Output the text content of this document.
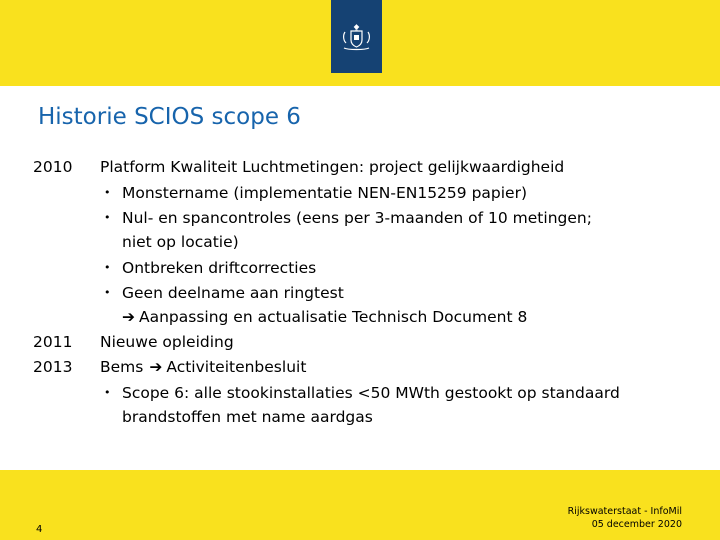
♔
Historie SCIOS scope 6
2010 Platform Kwaliteit Luchtmetingen: project gelijkwaardigheid
• Monstername (implementatie NEN-EN15259 papier)
• Nul- en spancontroles (eens per 3-maanden of 10 metingen;
niet op locatie)
• Ontbreken driftcorrecties
• Geen deelname aan ringtest
➔ Aanpassing en actualisatie Technisch Document 8
2011 Nieuwe opleiding
2013 Bems ➔ Activiteitenbesluit
• Scope 6: alle stookinstallaties <50 MWth gestookt op standaard
brandstoffen met name aardgas
4
Rijkswaterstaat - InfoMil
05 december 2020
